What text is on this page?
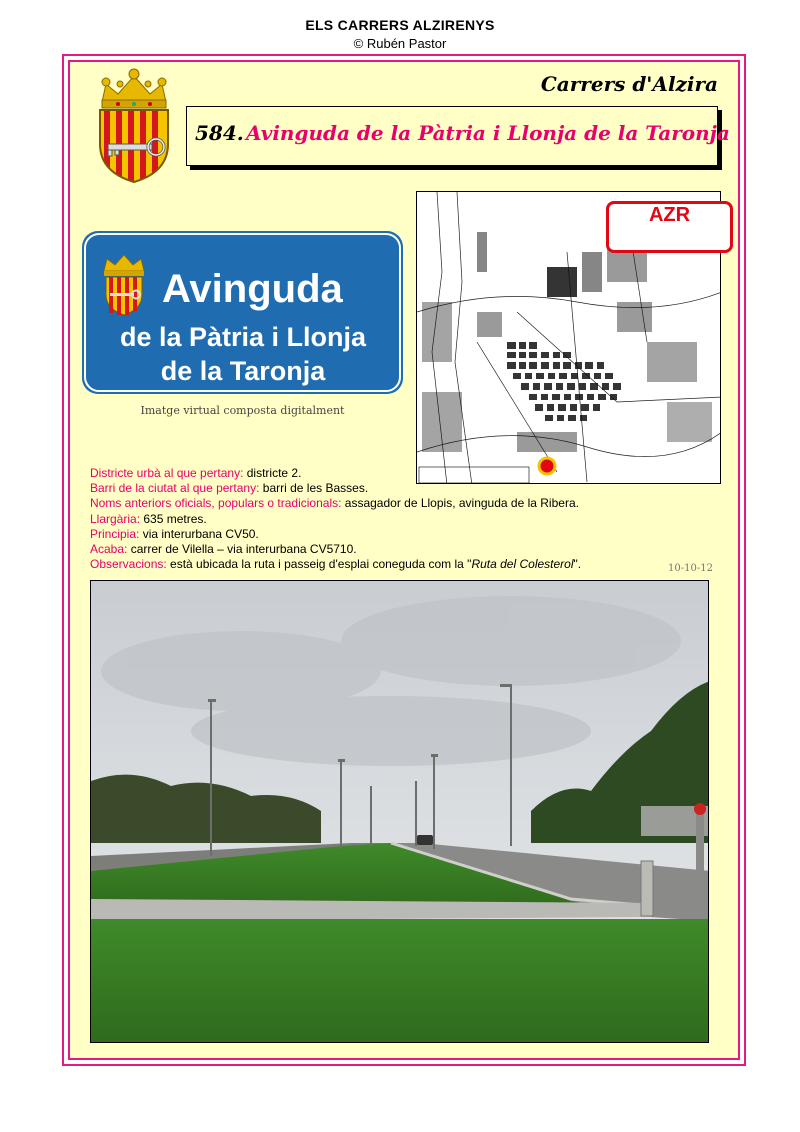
ELS CARRERS ALZIRENYS
© Rubén Pastor
Carrers d'Alzira
584. Avinguda de la Pàtria i Llonja de la Taronja
Avinguda
de la Pàtria i Llonja
de la Taronja
Imatge virtual composta digitalment
AZR
Districte urbà al que pertany: districte 2.
Barri de la ciutat al que pertany: barri de les Basses.
Noms anteriors oficials, populars o tradicionals: assagador de Llopis, avinguda de la Ribera.
Llargària: 635 metres.
Principia: via interurbana CV50.
Acaba: carrer de Vilella – via interurbana CV5710.
Observacions: està ubicada la ruta i passeig d'esplai coneguda com la "Ruta del Colesterol".	10-10-12
